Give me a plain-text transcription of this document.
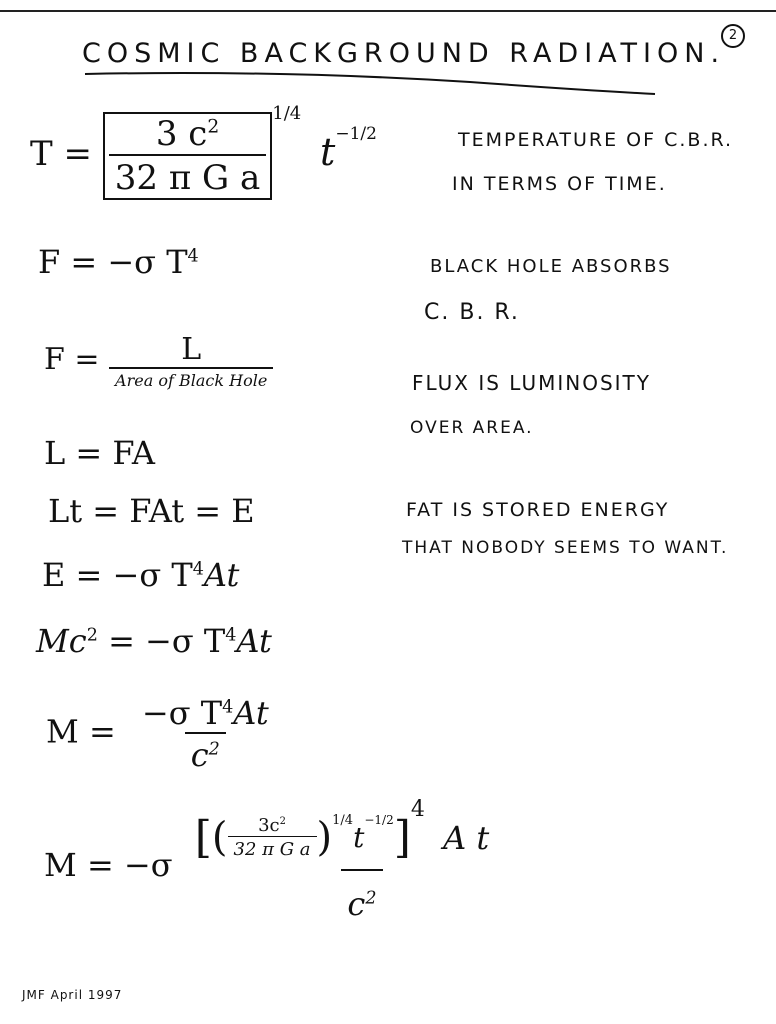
2
COSMIC BACKGROUND RADIATION.
$T = \frac{3 c^2}{\text{32 π G a}}$
$^{1/4}$ $t^{-1/2}$	TEMPERATURE OF C.B.R.
IN TERMS OF TIME.
F = −σ $T^4$	BLACK HOLE ABSORBS
C. B. R.
$F = \frac{L}{\text{Area of Black Hole}}$	FLUX IS LUMINOSITY
OVER AREA.
L = FA
Lt = FAt = E	FAT IS STORED ENERGY
THAT NOBODY SEEMS TO WANT.
E = −σ $T^4At$
$Mc^2 = -\sigma$ $T^4At$
$M = \frac{-\sigma T^4At}{c^2}$
$M = -\sigma \frac{[( \frac{3c^2}{\text{32 π G a}} )^{1/4}t^{-1/2}]^4 A t}{c^2}$
JMF April 1997
